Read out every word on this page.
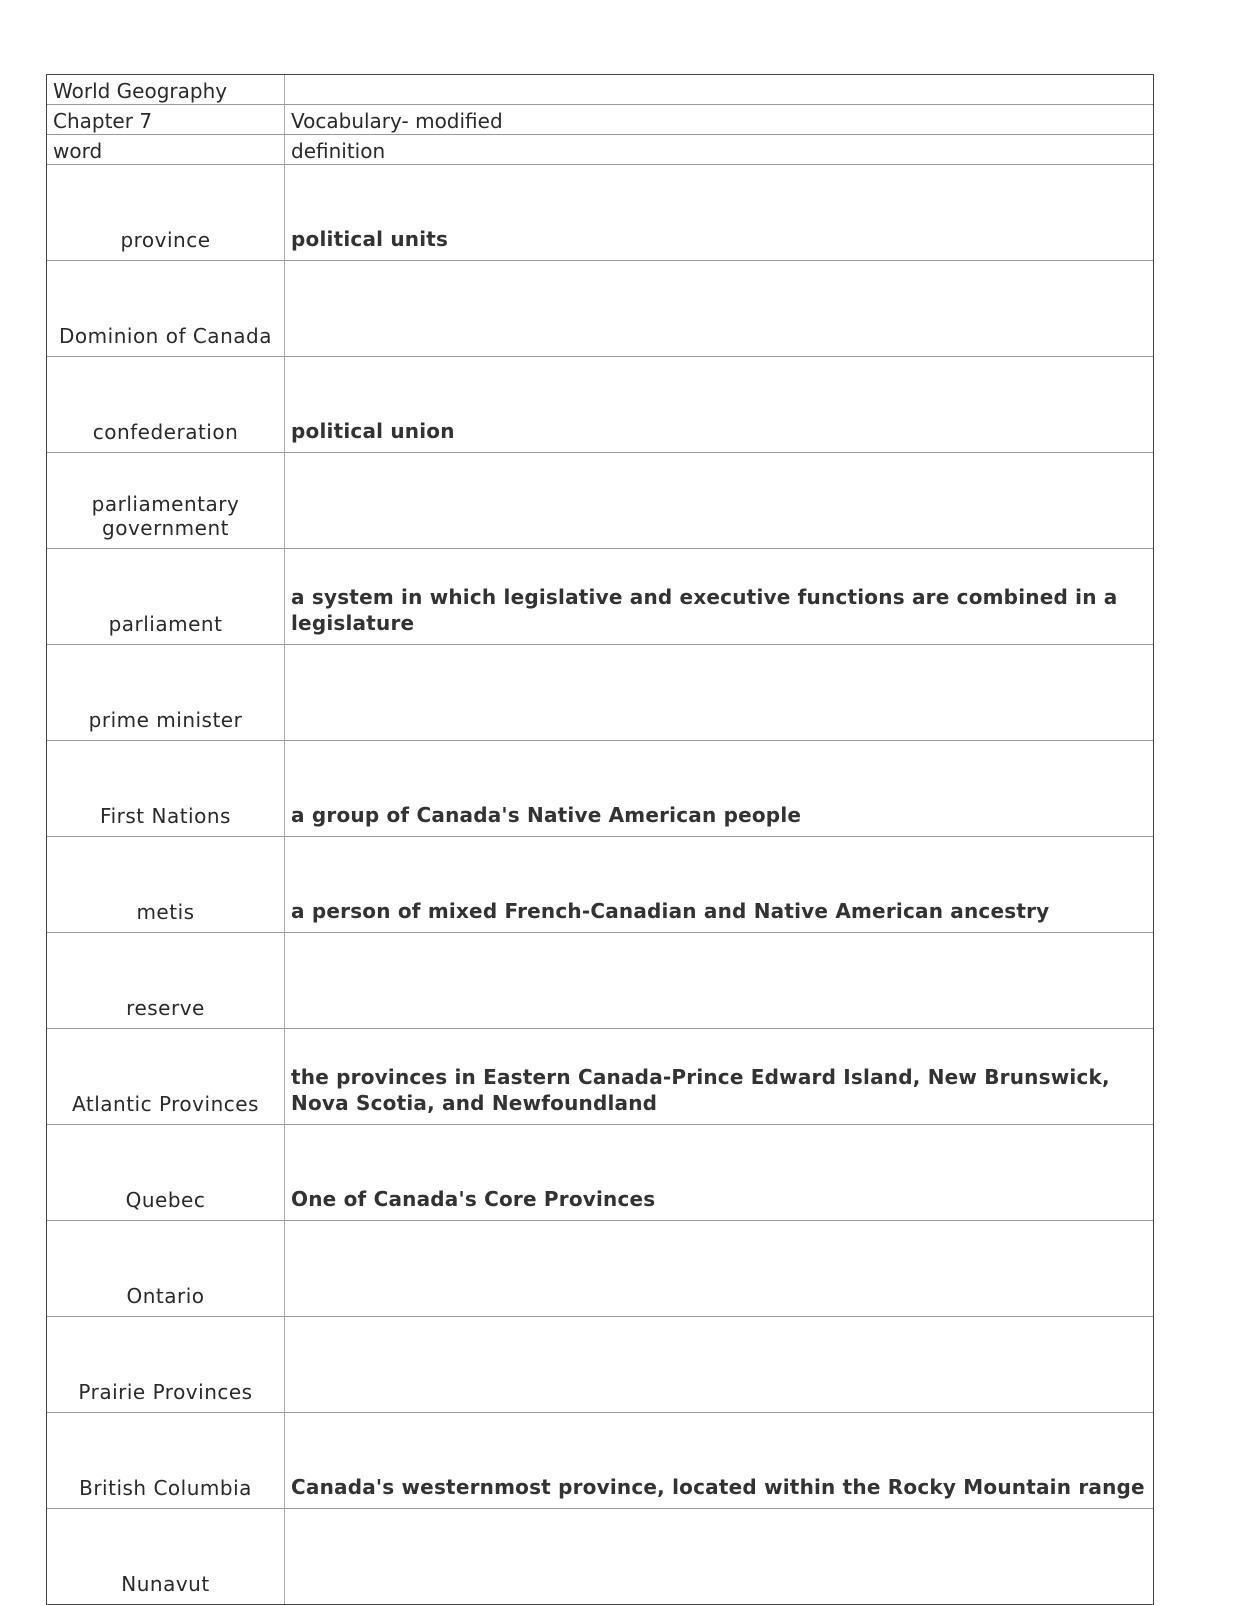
World Geography	
Chapter 7	Vocabulary- modified
word	definition
province	political units
Dominion of Canada	
confederation	political union
parliamentary government	
parliament	a system in which legislative and executive functions are combined in a legislature
prime minister	
First Nations	a group of Canada's Native American people
metis	a person of mixed French-Canadian and Native American ancestry
reserve	
Atlantic Provinces	the provinces in Eastern Canada-Prince Edward Island, New Brunswick, Nova Scotia, and Newfoundland
Quebec	One of Canada's Core Provinces
Ontario	
Prairie Provinces	
British Columbia	Canada's westernmost province, located within the Rocky Mountain range
Nunavut	
